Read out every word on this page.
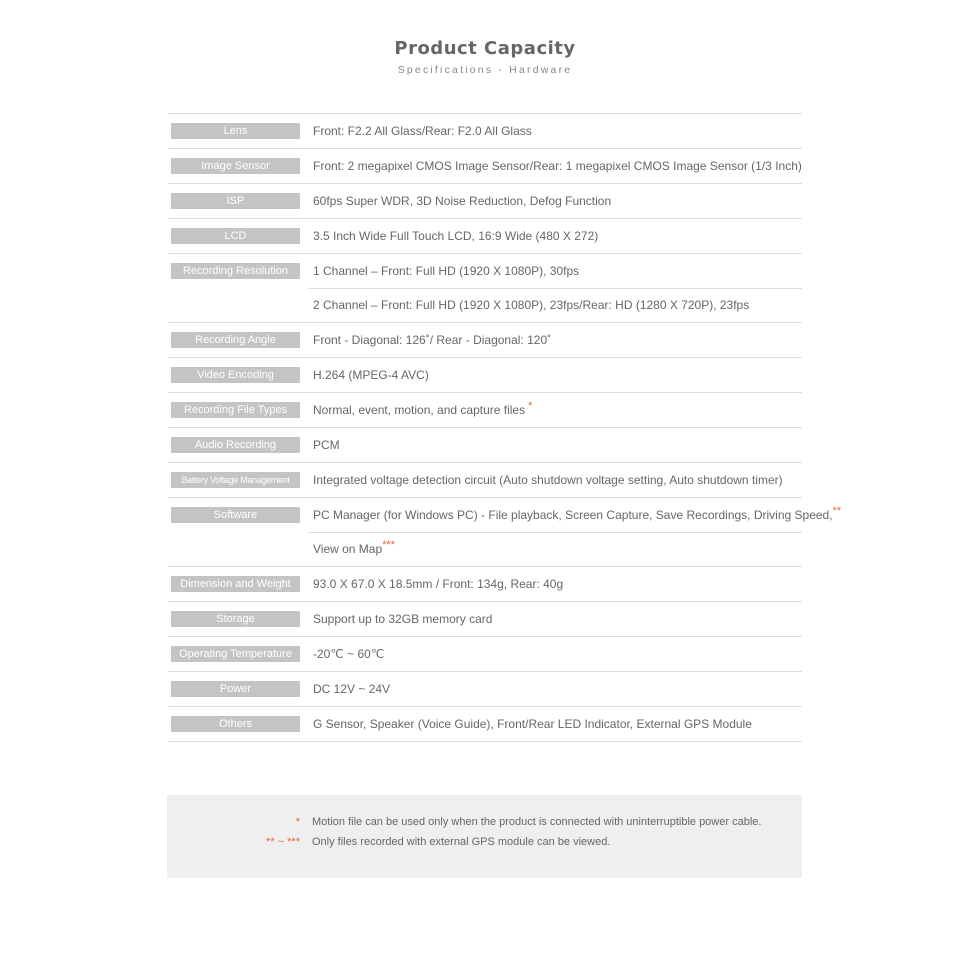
Product Capacity
Specifications - Hardware
Lens	Front: F2.2 All Glass/Rear: F2.0 All Glass
Image Sensor	Front: 2 megapixel CMOS Image Sensor/Rear: 1 megapixel CMOS Image Sensor (1/3 Inch)
ISP	60fps Super WDR, 3D Noise Reduction, Defog Function
LCD	3.5 Inch Wide Full Touch LCD, 16:9 Wide (480 X 272)
Recording Resolution	1 Channel – Front: Full HD (1920 X 1080P), 30fps
2 Channel – Front: Full HD (1920 X 1080P), 23fps/Rear: HD (1280 X 720P), 23fps
Recording Angle	Front - Diagonal: 126˚/ Rear - Diagonal: 120˚
Video Encoding	H.264 (MPEG-4 AVC)
Recording File Types	Normal, event, motion, and capture files *
Audio Recording	PCM
Battery Voltage Management	Integrated voltage detection circuit (Auto shutdown voltage setting, Auto shutdown timer)
Software	PC Manager (for Windows PC) - File playback, Screen Capture, Save Recordings, Driving Speed,**
View on Map***
Dimension and Weight	93.0 X 67.0 X 18.5mm / Front: 134g, Rear: 40g
Storage	Support up to 32GB memory card
Operating Temperature	-20℃ ~ 60℃
Power	DC 12V ~ 24V
Others	G Sensor, Speaker (Voice Guide), Front/Rear LED Indicator, External GPS Module
* Motion file can be used only when the product is connected with uninterruptible power cable.
** ~ *** Only files recorded with external GPS module can be viewed.
